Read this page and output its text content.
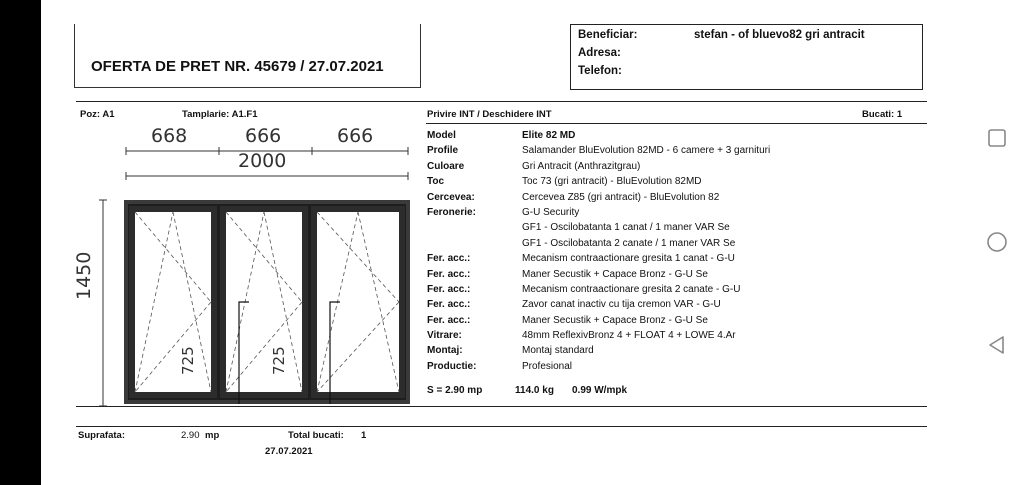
OFERTA DE PRET NR. 45679 / 27.07.2021
Beneficiar:	stefan - of bluevo82 gri antracit
Adresa:
Telefon:
Poz: A1	Tamplarie: A1.F1	Privire INT / Deschidere INT	Bucati: 1
668	666	666
2000
1450
725	725
Model	Elite 82 MD
Profile	Salamander BluEvolution 82MD - 6 camere + 3 garnituri
Culoare	Gri Antracit (Anthrazitgrau)
Toc	Toc 73 (gri antracit) - BluEvolution 82MD
Cercevea:	Cercevea Z85 (gri antracit) - BluEvolution 82
Feronerie:	G-U Security
GF1 - Oscilobatanta 1 canat / 1 maner VAR Se
GF1 - Oscilobatanta 2 canate / 1 maner VAR Se
Fer. acc.:	Mecanism contraactionare gresita 1 canat - G-U
Fer. acc.:	Maner Secustik + Capace Bronz - G-U Se
Fer. acc.:	Mecanism contraactionare gresita 2 canate - G-U
Fer. acc.:	Zavor canat inactiv cu tija cremon VAR - G-U
Fer. acc.:	Maner Secustik + Capace Bronz - G-U Se
Vitrare:	48mm ReflexivBronz 4 + FLOAT 4 + LOWE 4.Ar
Montaj:	Montaj standard
Productie:	Profesional
S = 2.90 mp	114.0 kg 0.99 W/mpk
Suprafata:	2.90 mp	Total bucati: 1
27.07.2021
